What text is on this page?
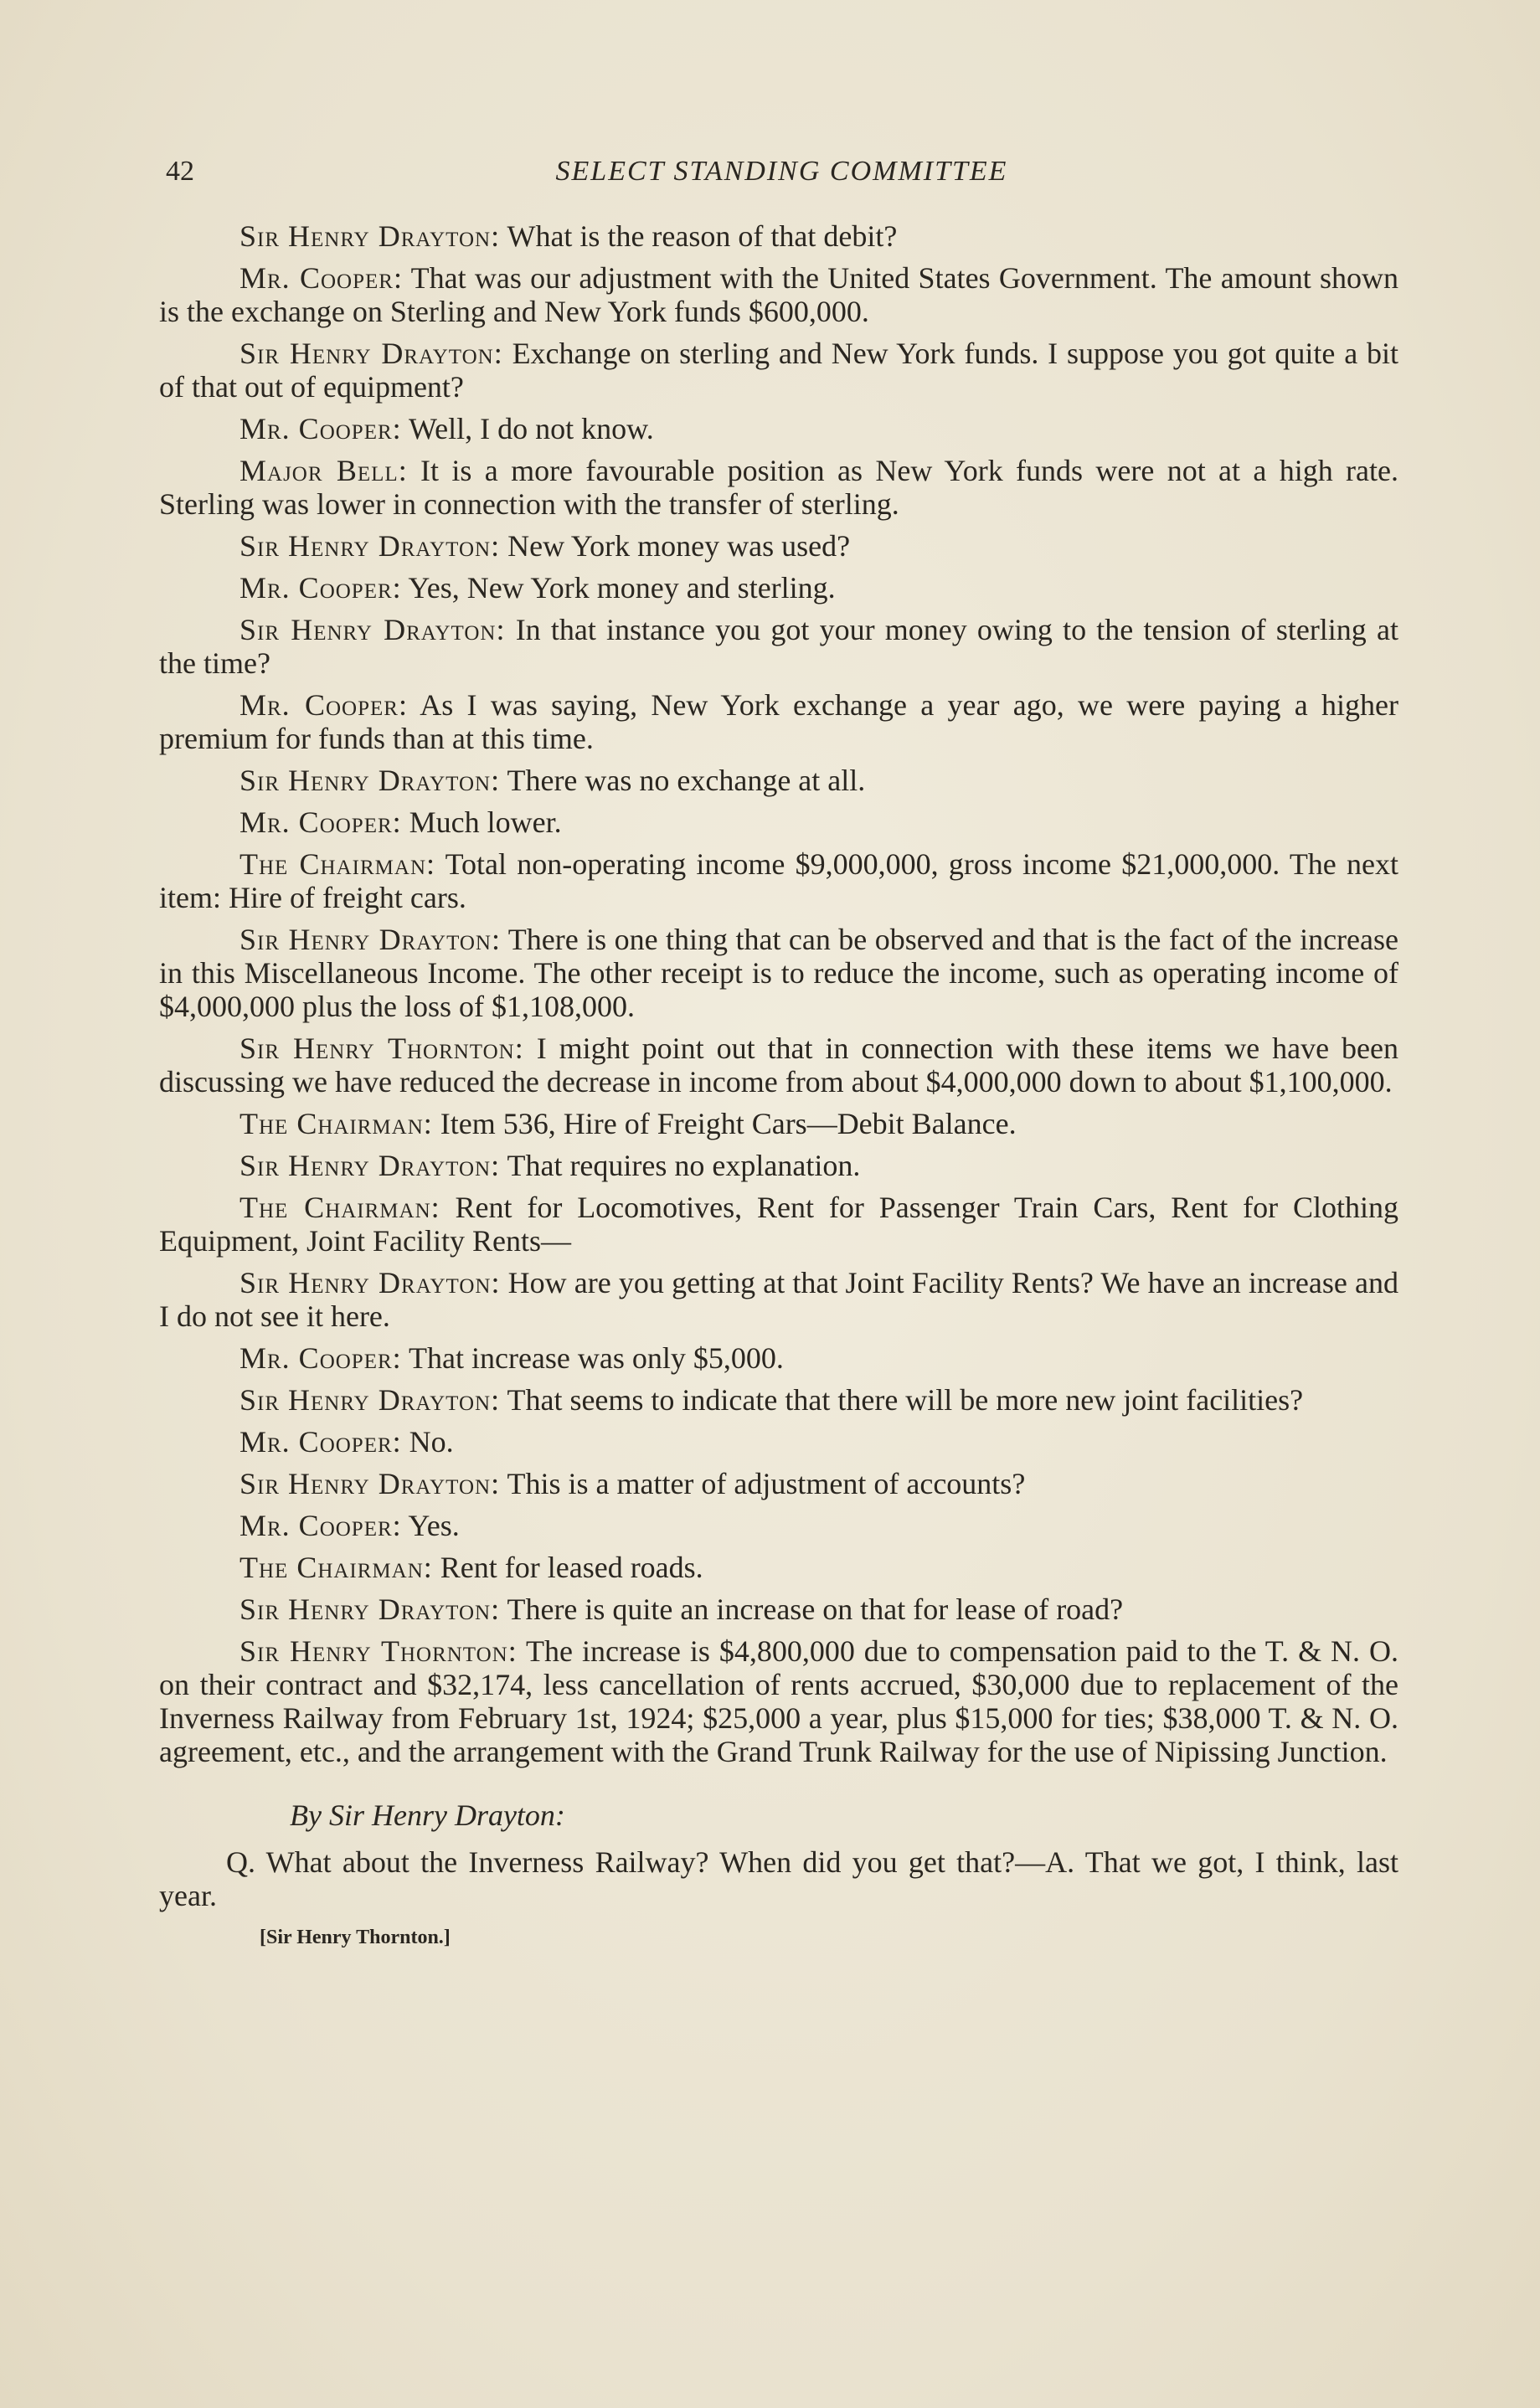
42	SELECT STANDING COMMITTEE

Sir Henry Drayton: What is the reason of that debit?

Mr. Cooper: That was our adjustment with the United States Government. The amount shown is the exchange on Sterling and New York funds $600,000.

Sir Henry Drayton: Exchange on sterling and New York funds. I suppose you got quite a bit of that out of equipment?

Mr. Cooper: Well, I do not know.

Major Bell: It is a more favourable position as New York funds were not at a high rate. Sterling was lower in connection with the transfer of sterling.

Sir Henry Drayton: New York money was used?

Mr. Cooper: Yes, New York money and sterling.

Sir Henry Drayton: In that instance you got your money owing to the tension of sterling at the time?

Mr. Cooper: As I was saying, New York exchange a year ago, we were paying a higher premium for funds than at this time.

Sir Henry Drayton: There was no exchange at all.

Mr. Cooper: Much lower.

The Chairman: Total non-operating income $9,000,000, gross income $21,000,000. The next item: Hire of freight cars.

Sir Henry Drayton: There is one thing that can be observed and that is the fact of the increase in this Miscellaneous Income. The other receipt is to reduce the income, such as operating income of $4,000,000 plus the loss of $1,108,000.

Sir Henry Thornton: I might point out that in connection with these items we have been discussing we have reduced the decrease in income from about $4,000,000 down to about $1,100,000.

The Chairman: Item 536, Hire of Freight Cars—Debit Balance.

Sir Henry Drayton: That requires no explanation.

The Chairman: Rent for Locomotives, Rent for Passenger Train Cars, Rent for Clothing Equipment, Joint Facility Rents—

Sir Henry Drayton: How are you getting at that Joint Facility Rents? We have an increase and I do not see it here.

Mr. Cooper: That increase was only $5,000.

Sir Henry Drayton: That seems to indicate that there will be more new joint facilities?

Mr. Cooper: No.

Sir Henry Drayton: This is a matter of adjustment of accounts?

Mr. Cooper: Yes.

The Chairman: Rent for leased roads.

Sir Henry Drayton: There is quite an increase on that for lease of road?

Sir Henry Thornton: The increase is $4,800,000 due to compensation paid to the T. & N. O. on their contract and $32,174, less cancellation of rents accrued, $30,000 due to replacement of the Inverness Railway from February 1st, 1924; $25,000 a year, plus $15,000 for ties; $38,000 T. & N. O. agreement, etc., and the arrangement with the Grand Trunk Railway for the use of Nipissing Junction.

By Sir Henry Drayton:

Q. What about the Inverness Railway? When did you get that?—A. That we got, I think, last year.

[Sir Henry Thornton.]
